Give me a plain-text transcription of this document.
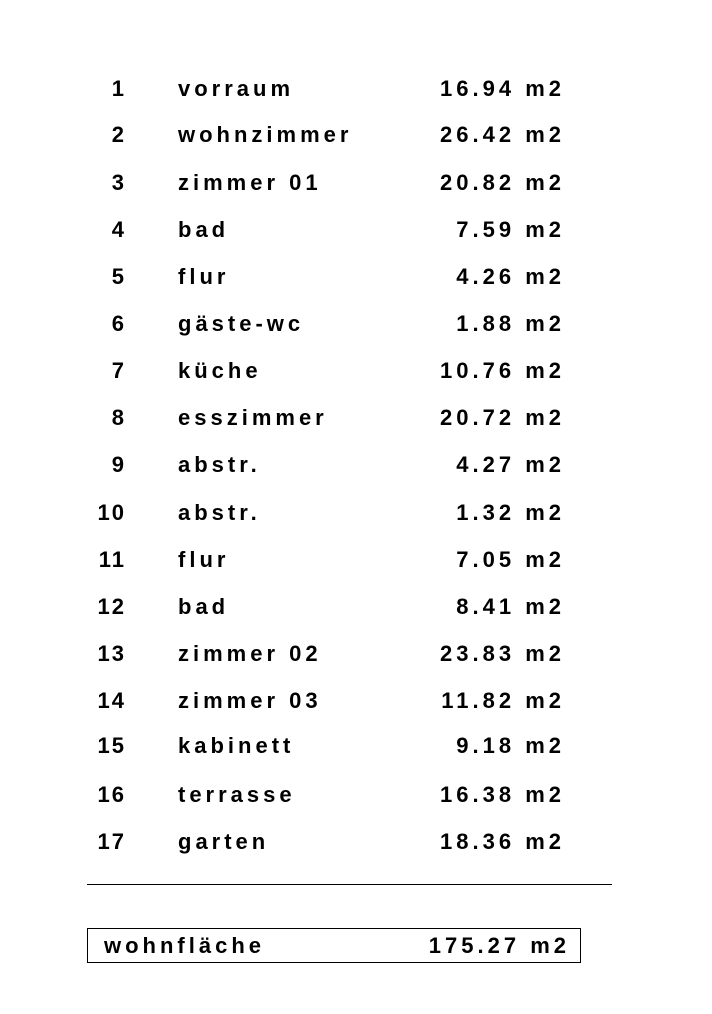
1 vorraum	16.94 m2
2 wohnzimmer	26.42 m2
3 zimmer 01	20.82 m2
4 bad	7.59 m2
5 flur	4.26 m2
6 gäste-wc	1.88 m2
7 küche	10.76 m2
8 esszimmer	20.72 m2
9 abstr.	4.27 m2
10 abstr.	1.32 m2
11 flur	7.05 m2
12 bad	8.41 m2
13 zimmer 02	23.83 m2
14 zimmer 03	11.82 m2
15 kabinett	9.18 m2
16 terrasse	16.38 m2
17 garten	18.36 m2
wohnfläche	175.27 m2
